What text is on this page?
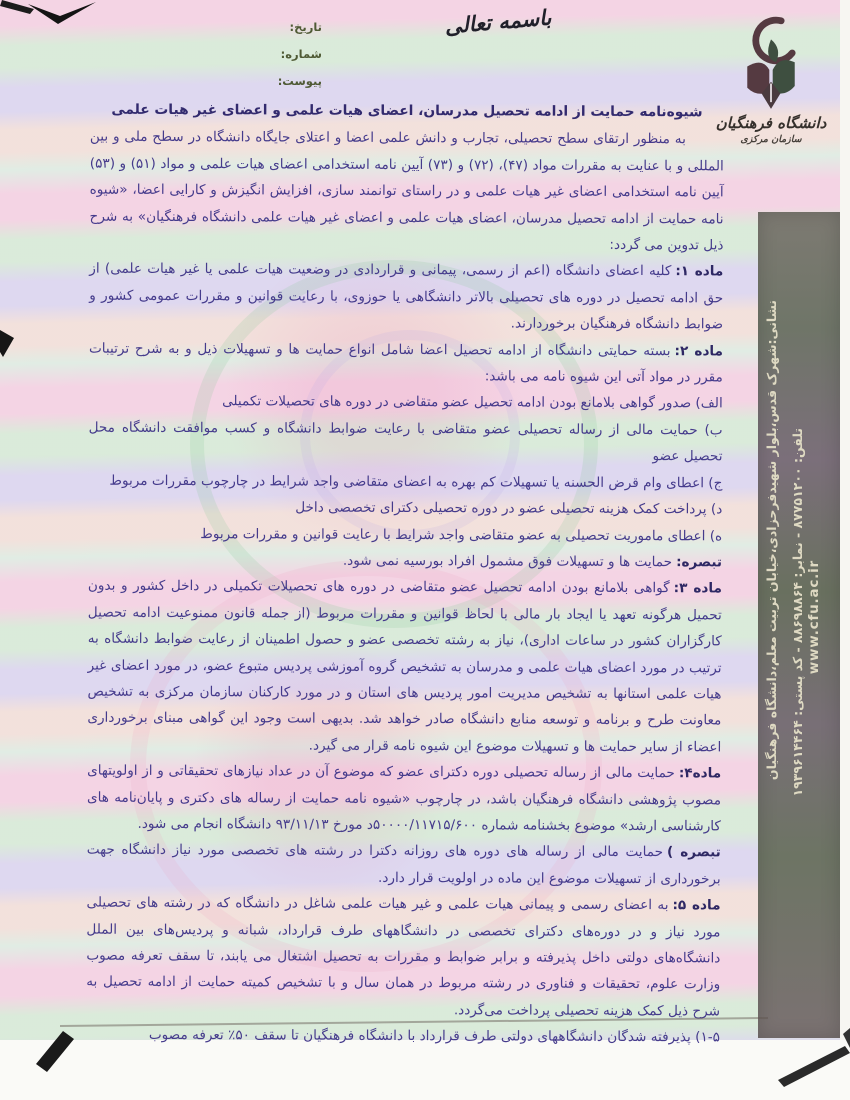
تاریخ:
شماره:
پیوست:
باسمه تعالی
دانشگاه فرهنگیان
سازمان مرکزی

شیوه‌نامه حمایت از ادامه تحصیل مدرسان، اعضای هیات علمی و اعضای غیر هیات علمی

به منظور ارتقای سطح تحصیلی، تجارب و دانش علمی اعضا و اعتلای جایگاه دانشگاه در سطح ملی و بین المللی و با عنایت به مقررات مواد (۴۷)، (۷۲) و (۷۳) آیین نامه استخدامی اعضای هیات علمی و مواد (۵۱) و (۵۳) آیین نامه استخدامی اعضای غیر هیات علمی و در راستای توانمند سازی، افزایش انگیزش و کارایی اعضا، «شیوه نامه حمایت از ادامه تحصیل مدرسان، اعضای هیات علمی و اعضای غیر هیات علمی دانشگاه فرهنگیان» به شرح ذیل تدوین می گردد:

ماده ۱:کلیه اعضای دانشگاه (اعم از رسمی، پیمانی و قراردادی در وضعیت هیات علمی یا غیر هیات علمی) از حق ادامه تحصیل در دوره های تحصیلی بالاتر دانشگاهی یا حوزوی، با رعایت قوانین و مقررات عمومی کشور و ضوابط دانشگاه فرهنگیان برخوردارند.

ماده ۲:بسته حمایتی دانشگاه از ادامه تحصیل اعضا شامل انواع حمایت ها و تسهیلات ذیل و به شرح ترتیبات مقرر در مواد آتی این شیوه نامه می باشد:

الف) صدور گواهی بلامانع بودن ادامه تحصیل عضو متقاضی در دوره های تحصیلات تکمیلی

ب) حمایت مالی از رساله تحصیلی عضو متقاضی با رعایت ضوابط دانشگاه و کسب موافقت دانشگاه محل تحصیل عضو

ج) اعطای وام قرض الحسنه یا تسهیلات کم بهره به اعضای متقاضی واجد شرایط در چارچوب مقررات مربوط

د) پرداخت کمک هزینه تحصیلی عضو در دوره تحصیلی دکترای تخصصی داخل

ه) اعطای ماموریت تحصیلی به عضو متقاضی واجد شرایط با رعایت قوانین و مقررات مربوط

تبصره:حمایت ها و تسهیلات فوق مشمول افراد بورسیه نمی شود.

ماده ۳:گواهی بلامانع بودن ادامه تحصیل عضو متقاضی در دوره های تحصیلات تکمیلی در داخل کشور و بدون تحمیل هرگونه تعهد یا ایجاد بار مالی با لحاظ قوانین و مقررات مربوط (از جمله قانون ممنوعیت ادامه تحصیل کارگزاران کشور در ساعات اداری)، نیاز به رشته تخصصی عضو و حصول اطمینان از رعایت ضوابط دانشگاه به ترتیب در مورد اعضای هیات علمی و مدرسان به تشخیص گروه آموزشی پردیس متبوع عضو، در مورد اعضای غیر هیات علمی استانها به تشخیص مدیریت امور پردیس های استان و در مورد کارکنان سازمان مرکزی به تشخیص معاونت طرح و برنامه و توسعه منابع دانشگاه صادر خواهد شد. بدیهی است وجود این گواهی مبنای برخورداری اعضاء از سایر حمایت ها و تسهیلات موضوع این شیوه نامه قرار می گیرد.

ماده۴:حمایت مالی از رساله تحصیلی دوره دکترای عضو که موضوع آن در عداد نیازهای تحقیقاتی و از اولویتهای مصوب پژوهشی دانشگاه فرهنگیان باشد، در چارچوب «شیوه نامه حمایت از رساله های دکتری و پایان‌نامه های کارشناسی ارشد» موضوع بخشنامه شماره ۵۰۰۰۰/۱۱۷۱۵/۶۰۰د مورخ ۹۳/۱۱/۱۳ دانشگاه انجام می شود.

تبصره )حمایت مالی از رساله های دوره های روزانه دکترا در رشته های تخصصی مورد نیاز دانشگاه جهت برخورداری از تسهیلات موضوع این ماده در اولویت قرار دارد.

ماده ۵:به اعضای رسمی و پیمانی هیات علمی و غیر هیات علمی شاغل در دانشگاه که در رشته های تحصیلی مورد نیاز و در دوره‌های دکترای تخصصی در دانشگاههای طرف قرارداد، شبانه و پردیس‌های بین الملل دانشگاه‌های دولتی داخل پذیرفته و برابر ضوابط و مقررات به تحصیل اشتغال می یابند، تا سقف تعرفه مصوب وزارت علوم، تحقیقات و فناوری در رشته مربوط در همان سال و با تشخیص کمیته حمایت از ادامه تحصیل به شرح ذیل کمک هزینه تحصیلی پرداخت می‌گردد.

۱-۵) پذیرفته شدگان دانشگاههای دولتی طرف قرارداد با دانشگاه فرهنگیان تا سقف ۵۰٪ تعرفه مصوب

نشانی:شهرک قدس،بلوار شهیدفرحزادی،خیابان تربیت معلم،دانشگاه فرهنگیان تلفن: ۸۷۷۵۱۲۰۰ - نمابر: ۸۸۶۹۸۸۶۴ - کد پستی: ۱۹۳۹۶۱۴۴۶۴
www.cfu.ac.ir
